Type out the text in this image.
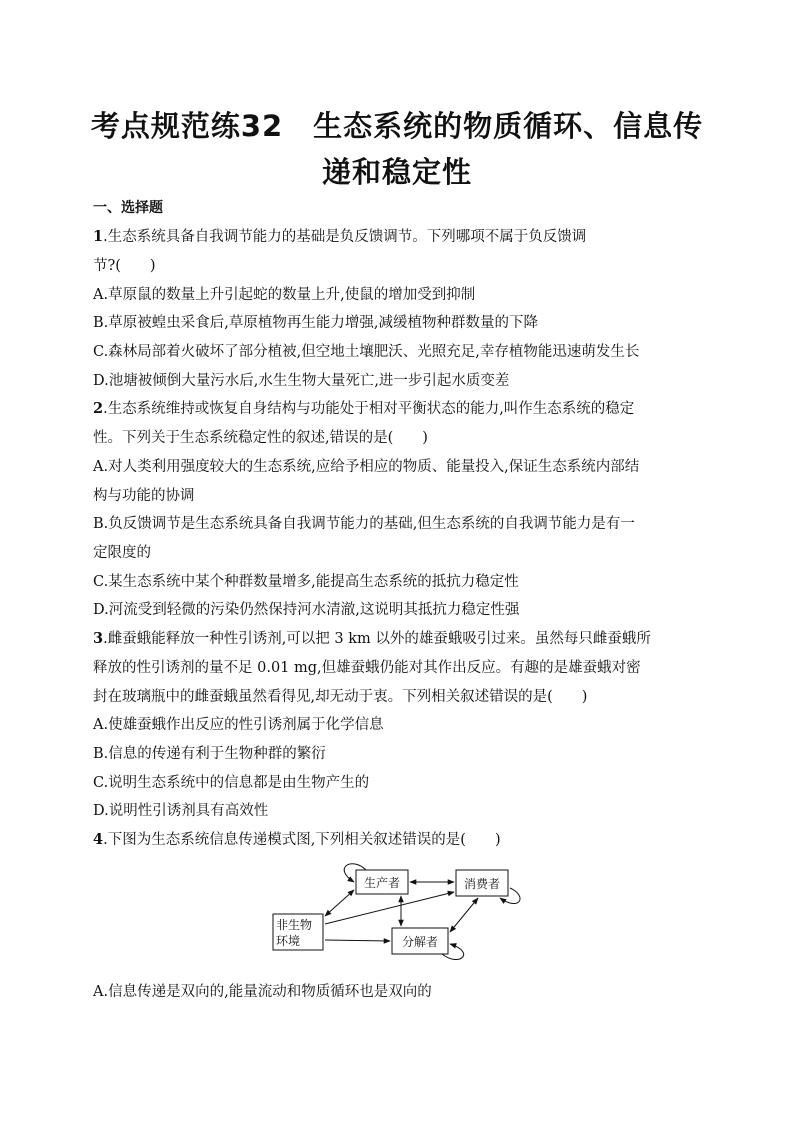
考点规范练32　生态系统的物质循环、信息传
递和稳定性
一、选择题
1.生态系统具备自我调节能力的基础是负反馈调节。下列哪项不属于负反馈调
节?(　　)
A.草原鼠的数量上升引起蛇的数量上升,使鼠的增加受到抑制
B.草原被蝗虫采食后,草原植物再生能力增强,减缓植物种群数量的下降
C.森林局部着火破坏了部分植被,但空地土壤肥沃、光照充足,幸存植物能迅速萌发生长
D.池塘被倾倒大量污水后,水生生物大量死亡,进一步引起水质变差
2.生态系统维持或恢复自身结构与功能处于相对平衡状态的能力,叫作生态系统的稳定
性。下列关于生态系统稳定性的叙述,错误的是(　　)
A.对人类利用强度较大的生态系统,应给予相应的物质、能量投入,保证生态系统内部结
构与功能的协调
B.负反馈调节是生态系统具备自我调节能力的基础,但生态系统的自我调节能力是有一
定限度的
C.某生态系统中某个种群数量增多,能提高生态系统的抵抗力稳定性
D.河流受到轻微的污染仍然保持河水清澈,这说明其抵抗力稳定性强
3.雌蚕蛾能释放一种性引诱剂,可以把 3 km 以外的雄蚕蛾吸引过来。虽然每只雌蚕蛾所
释放的性引诱剂的量不足 0.01 mg,但雄蚕蛾仍能对其作出反应。有趣的是雄蚕蛾对密
封在玻璃瓶中的雌蚕蛾虽然看得见,却无动于衷。下列相关叙述错误的是(　　)
A.使雄蚕蛾作出反应的性引诱剂属于化学信息
B.信息的传递有利于生物种群的繁衍
C.说明生态系统中的信息都是由生物产生的
D.说明性引诱剂具有高效性
4.下图为生态系统信息传递模式图,下列相关叙述错误的是(　　)
生产者	消费者
非生物
环境	分解者
A.信息传递是双向的,能量流动和物质循环也是双向的
